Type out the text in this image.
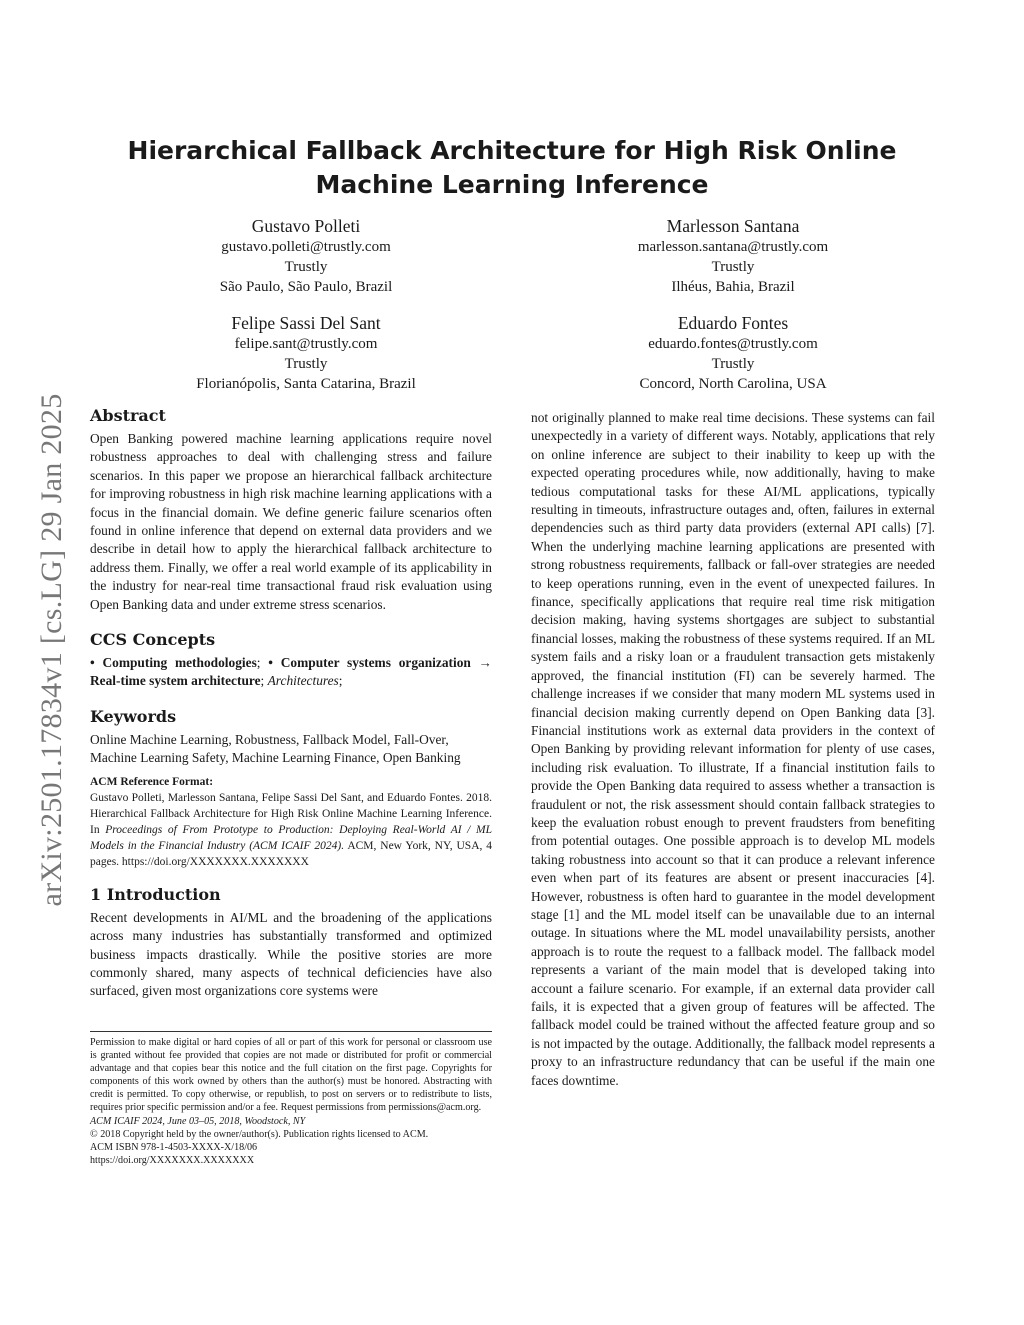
arXiv:2501.17834v1 [cs.LG] 29 Jan 2025
Hierarchical Fallback Architecture for High Risk Online Machine Learning Inference
Gustavo Polleti
gustavo.polleti@trustly.com
Trustly
São Paulo, São Paulo, Brazil
Marlesson Santana
marlesson.santana@trustly.com
Trustly
Ilhéus, Bahia, Brazil
Felipe Sassi Del Sant
felipe.sant@trustly.com
Trustly
Florianópolis, Santa Catarina, Brazil
Eduardo Fontes
eduardo.fontes@trustly.com
Trustly
Concord, North Carolina, USA
Abstract

Open Banking powered machine learning applications require novel robustness approaches to deal with challenging stress and failure scenarios. In this paper we propose an hierarchical fallback architecture for improving robustness in high risk machine learning applications with a focus in the financial domain. We define generic failure scenarios often found in online inference that depend on external data providers and we describe in detail how to apply the hierarchical fallback architecture to address them. Finally, we offer a real world example of its applicability in the industry for near-real time transactional fraud risk evaluation using Open Banking data and under extreme stress scenarios.

CCS Concepts

• Computing methodologies; • Computer systems organization → Real-time system architecture; Architectures;

Keywords

Online Machine Learning, Robustness, Fallback Model, Fall-Over, Machine Learning Safety, Machine Learning Finance, Open Banking

ACM Reference Format:

Gustavo Polleti, Marlesson Santana, Felipe Sassi Del Sant, and Eduardo Fontes. 2018. Hierarchical Fallback Architecture for High Risk Online Machine Learning Inference. In Proceedings of From Prototype to Production: Deploying Real-World AI / ML Models in the Financial Industry (ACM ICAIF 2024). ACM, New York, NY, USA, 4 pages. https://doi.org/XXXXXXX.XXXXXXX

1 Introduction

Recent developments in AI/ML and the broadening of the applications across many industries has substantially transformed and optimized business impacts drastically. While the positive stories are more commonly shared, many aspects of technical deficiencies have also surfaced, given most organizations core systems were

Permission to make digital or hard copies of all or part of this work for personal or classroom use is granted without fee provided that copies are not made or distributed for profit or commercial advantage and that copies bear this notice and the full citation on the first page. Copyrights for components of this work owned by others than the author(s) must be honored. Abstracting with credit is permitted. To copy otherwise, or republish, to post on servers or to redistribute to lists, requires prior specific permission and/or a fee. Request permissions from permissions@acm.org.

ACM ICAIF 2024, June 03–05, 2018, Woodstock, NY

© 2018 Copyright held by the owner/author(s). Publication rights licensed to ACM.

ACM ISBN 978-1-4503-XXXX-X/18/06

https://doi.org/XXXXXXX.XXXXXXX

not originally planned to make real time decisions. These systems can fail unexpectedly in a variety of different ways. Notably, applications that rely on online inference are subject to their inability to keep up with the expected operating procedures while, now additionally, having to make tedious computational tasks for these AI/ML applications, typically resulting in timeouts, infrastructure outages and, often, failures in external dependencies such as third party data providers (external API calls) [7]. When the underlying machine learning applications are presented with strong robustness requirements, fallback or fall-over strategies are needed to keep operations running, even in the event of unexpected failures. In finance, specifically applications that require real time risk mitigation decision making, having systems shortgages are subject to substantial financial losses, making the robustness of these systems required. If an ML system fails and a risky loan or a fraudulent transaction gets mistakenly approved, the financial institution (FI) can be severely harmed. The challenge increases if we consider that many modern ML systems used in financial decision making currently depend on Open Banking data [3]. Financial institutions work as external data providers in the context of Open Banking by providing relevant information for plenty of use cases, including risk evaluation. To illustrate, If a financial institution fails to provide the Open Banking data required to assess whether a transaction is fraudulent or not, the risk assessment should contain fallback strategies to keep the evaluation robust enough to prevent fraudsters from benefiting from potential outages. One possible approach is to develop ML models taking robustness into account so that it can produce a relevant inference even when part of its features are absent or present inaccuracies [4]. However, robustness is often hard to guarantee in the model development stage [1] and the ML model itself can be unavailable due to an internal outage. In situations where the ML model unavailability persists, another approach is to route the request to a fallback model. The fallback model represents a variant of the main model that is developed taking into account a failure scenario. For example, if an external data provider call fails, it is expected that a given group of features will be affected. The fallback model could be trained without the affected feature group and so is not impacted by the outage. Additionally, the fallback model represents a proxy to an infrastructure redundancy that can be useful if the main one faces downtime.
